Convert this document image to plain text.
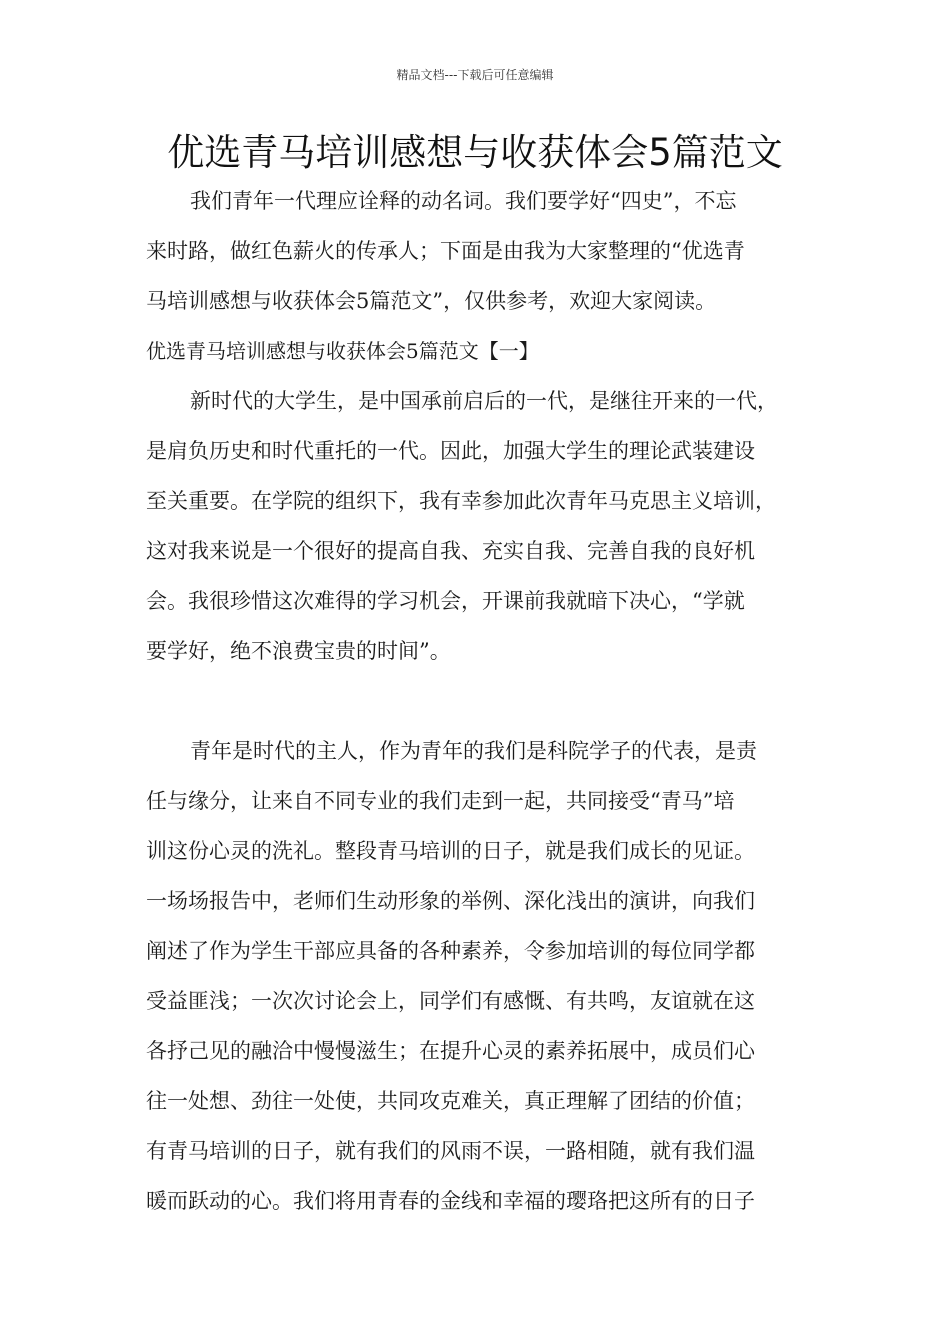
精品文档---下载后可任意编辑
优选青马培训感想与收获体会5篇范文
我们青年一代理应诠释的动名词。我们要学好“四史”，不忘
来时路，做红色薪火的传承人；下面是由我为大家整理的“优选青
马培训感想与收获体会5篇范文”，仅供参考，欢迎大家阅读。
优选青马培训感想与收获体会5篇范文【一】
新时代的大学生，是中国承前启后的一代，是继往开来的一代，
是肩负历史和时代重托的一代。因此，加强大学生的理论武装建设
至关重要。在学院的组织下，我有幸参加此次青年马克思主义培训，
这对我来说是一个很好的提高自我、充实自我、完善自我的良好机
会。我很珍惜这次难得的学习机会，开课前我就暗下决心，“学就
要学好，绝不浪费宝贵的时间”。
青年是时代的主人，作为青年的我们是科院学子的代表，是责
任与缘分，让来自不同专业的我们走到一起，共同接受“青马”培
训这份心灵的洗礼。整段青马培训的日子，就是我们成长的见证。
一场场报告中，老师们生动形象的举例、深化浅出的演讲，向我们
阐述了作为学生干部应具备的各种素养，令参加培训的每位同学都
受益匪浅；一次次讨论会上，同学们有感慨、有共鸣，友谊就在这
各抒己见的融洽中慢慢滋生；在提升心灵的素养拓展中，成员们心
往一处想、劲往一处使，共同攻克难关，真正理解了团结的价值；
有青马培训的日子，就有我们的风雨不误，一路相随，就有我们温
暖而跃动的心。我们将用青春的金线和幸福的璎珞把这所有的日子
